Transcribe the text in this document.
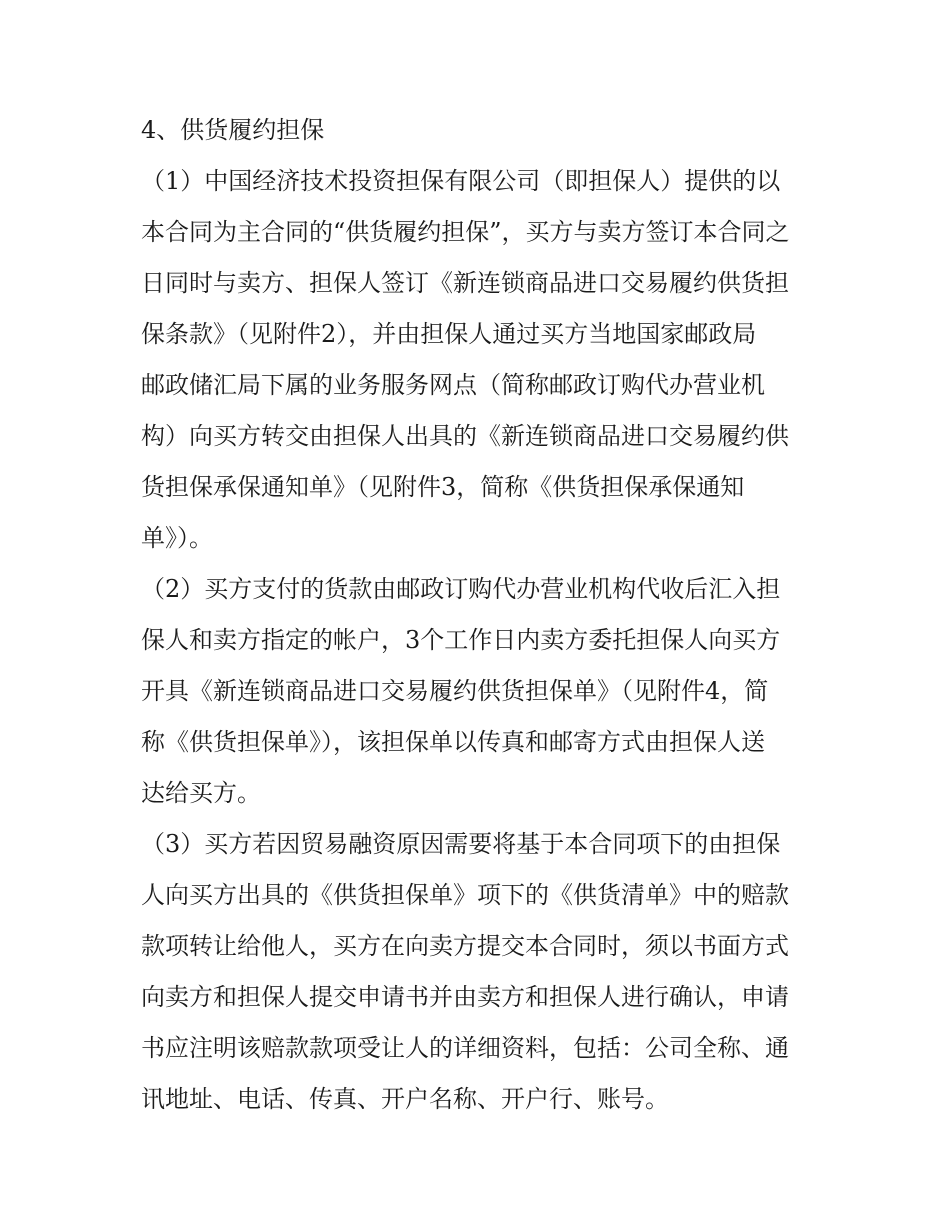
4、供货履约担保
（1）中国经济技术投资担保有限公司（即担保人）提供的以
本合同为主合同的“供货履约担保”，买方与卖方签订本合同之
日同时与卖方、担保人签订《新连锁商品进口交易履约供货担
保条款》（见附件2），并由担保人通过买方当地国家邮政局
邮政储汇局下属的业务服务网点（简称邮政订购代办营业机
构）向买方转交由担保人出具的《新连锁商品进口交易履约供
货担保承保通知单》（见附件3，简称《供货担保承保通知
单》）。
（2）买方支付的货款由邮政订购代办营业机构代收后汇入担
保人和卖方指定的帐户，3个工作日内卖方委托担保人向买方
开具《新连锁商品进口交易履约供货担保单》（见附件4，简
称《供货担保单》），该担保单以传真和邮寄方式由担保人送
达给买方。
（3）买方若因贸易融资原因需要将基于本合同项下的由担保
人向买方出具的《供货担保单》项下的《供货清单》中的赔款
款项转让给他人，买方在向卖方提交本合同时，须以书面方式
向卖方和担保人提交申请书并由卖方和担保人进行确认，申请
书应注明该赔款款项受让人的详细资料，包括：公司全称、通
讯地址、电话、传真、开户名称、开户行、账号。
